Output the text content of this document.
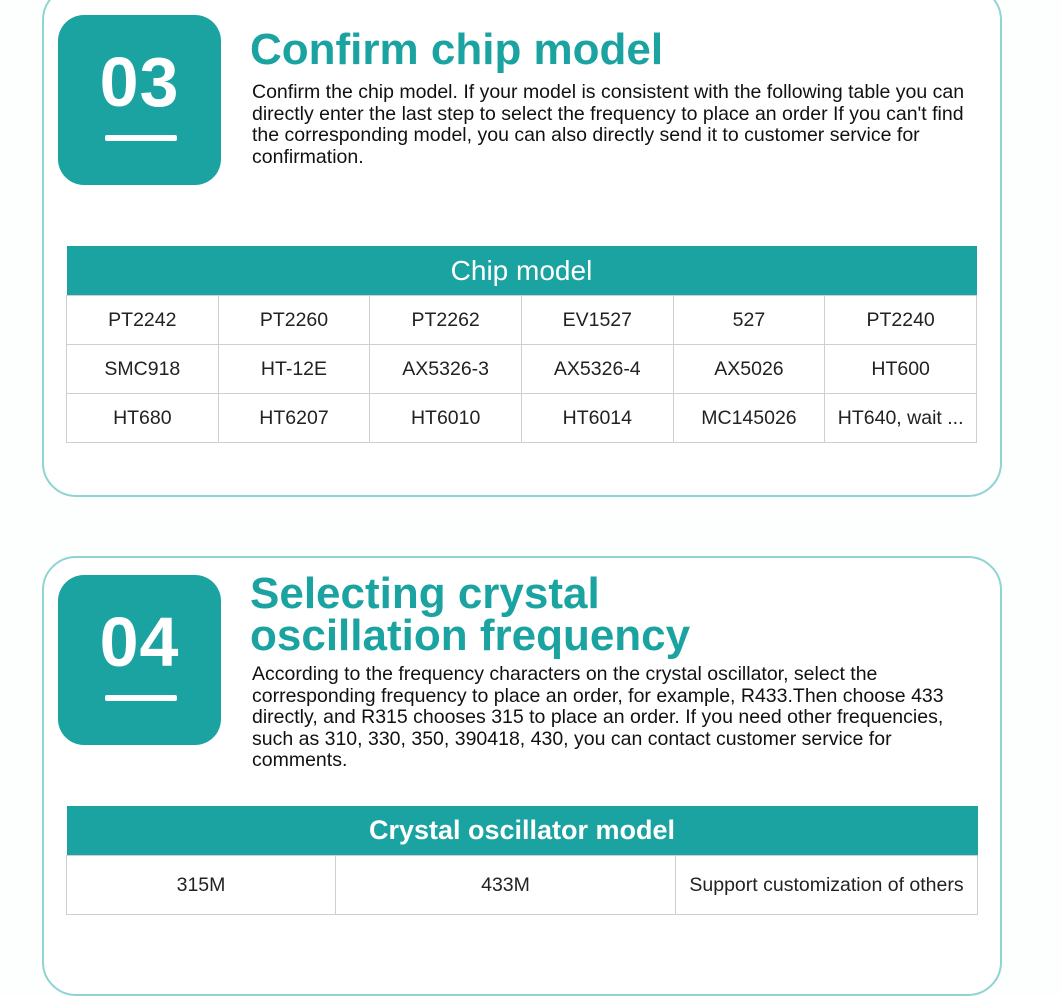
03	Confirm chip model

Confirm the chip model. If your model is consistent with the following table you can directly enter the last step to select the frequency to place an order If you can't find the corresponding model, you can also directly send it to customer service for confirmation.

Chip model					
PT2242	PT2260	PT2262	EV1527	527	PT2240
SMC918	HT-12E	AX5326-3	AX5326-4	AX5026	HT600
HT680	HT6207	HT6010	HT6014	MC145026	HT640, wait ...
04
Selecting crystal oscillation frequency

According to the frequency characters on the crystal oscillator, select the corresponding frequency to place an order, for example, R433.Then choose 433 directly, and R315 chooses 315 to place an order. If you need other frequencies, such as 310, 330, 350, 390418, 430, you can contact customer service for comments.

Crystal oscillator model
315M	433M	Support customization of others
